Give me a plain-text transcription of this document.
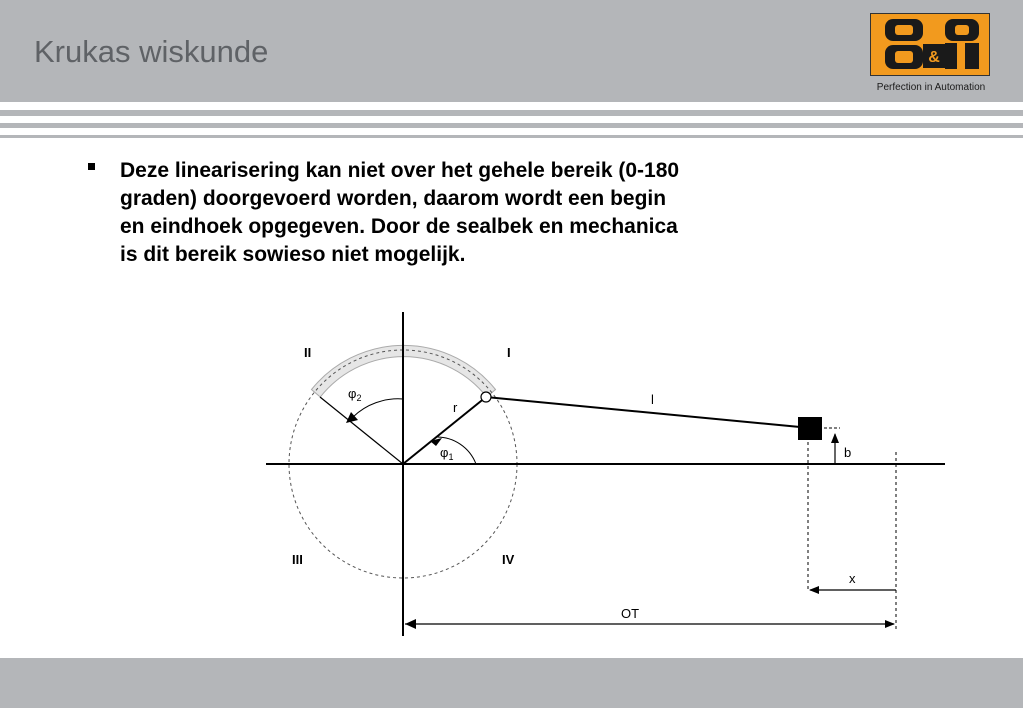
Krukas wiskunde	&
Perfection in Automation
Deze linearisering kan niet over het gehele bereik (0-180 graden) doorgevoerd worden, daarom wordt een begin en eindhoek opgegeven. Door de sealbek en mechanica is dit bereik sowieso niet mogelijk.
II	I
III	IV
r
l
b
x
OT
$\varphi_1$
$\varphi_2$
